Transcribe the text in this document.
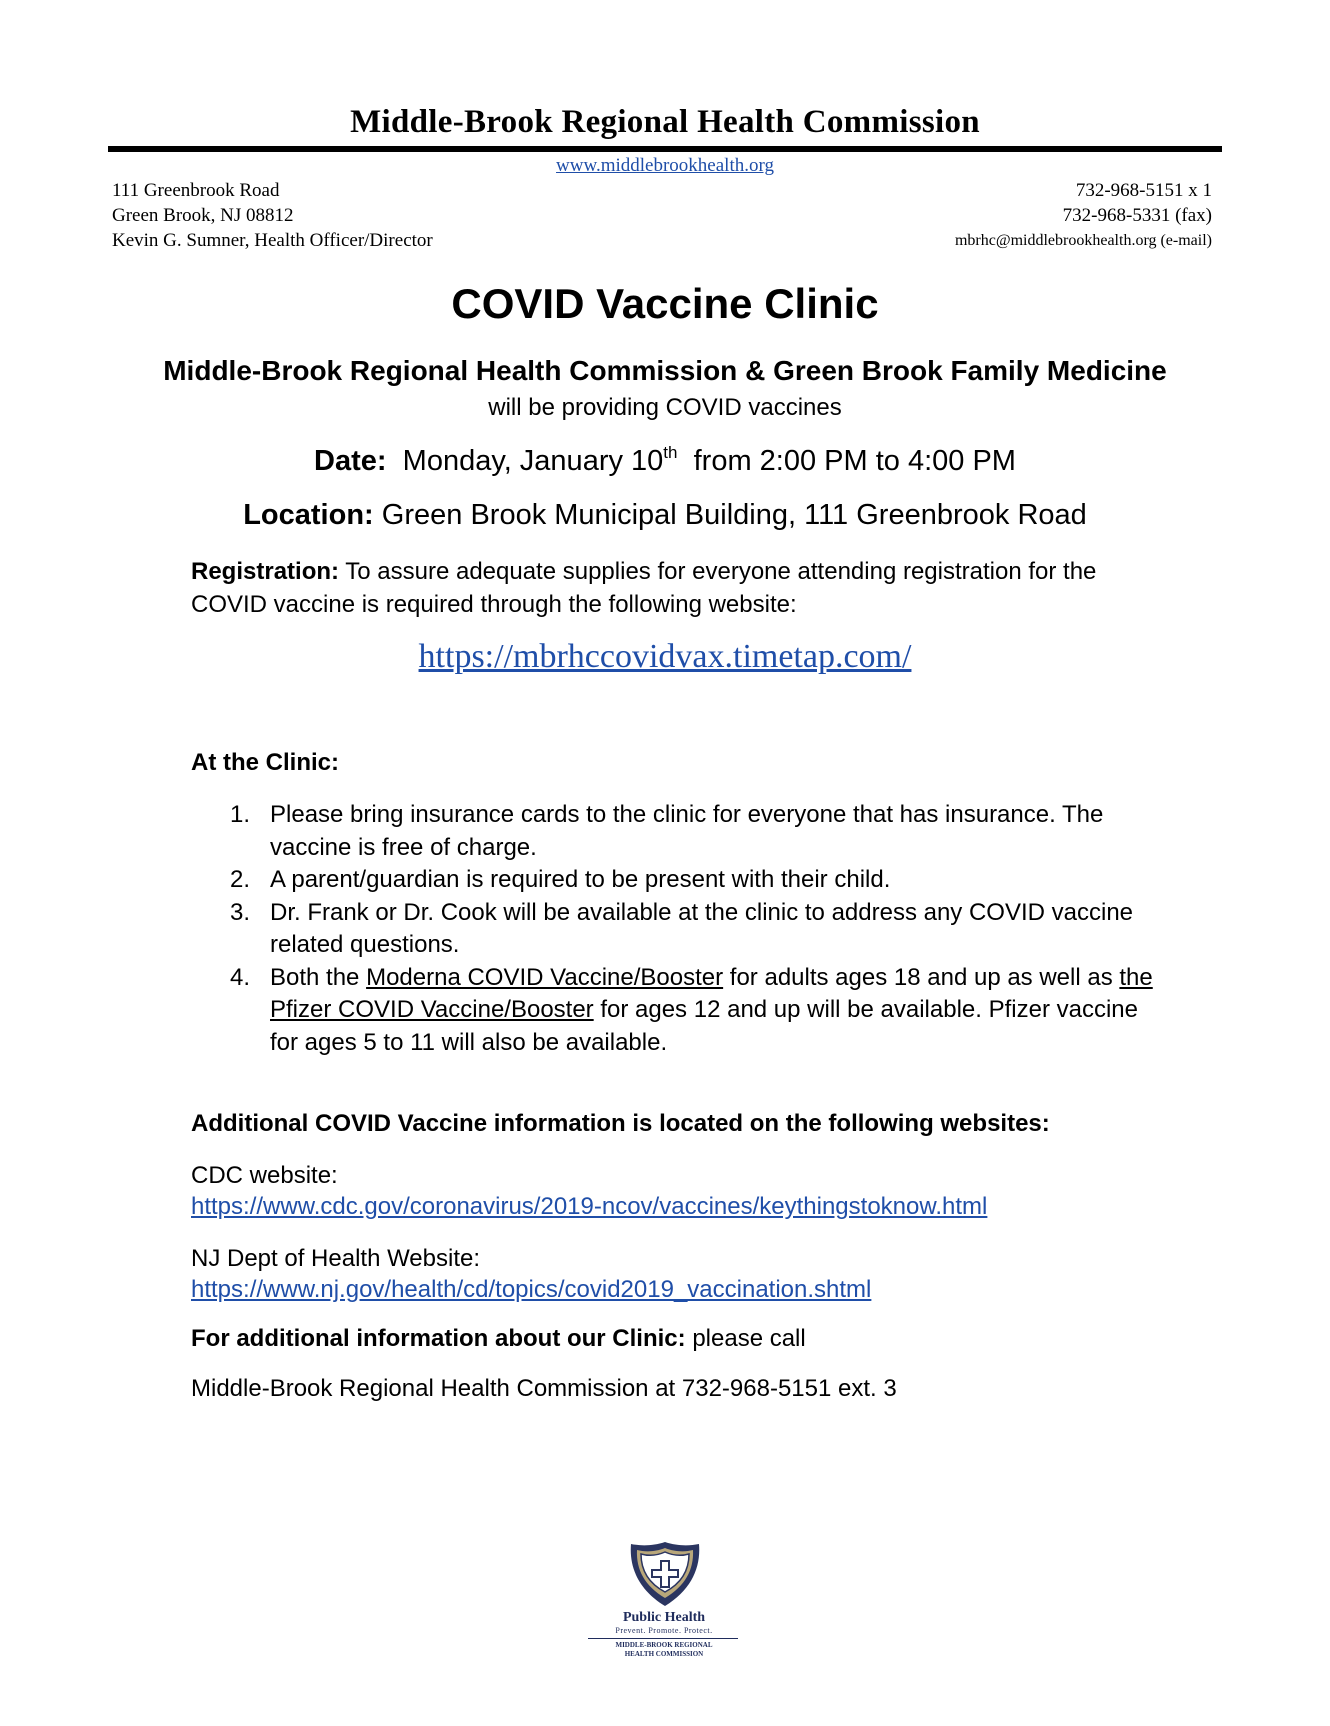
Middle-Brook Regional Health Commission
www.middlebrookhealth.org
111 Greenbrook Road
Green Brook, NJ 08812
Kevin G. Sumner, Health Officer/Director
732-968-5151 x 1
732-968-5331 (fax)
mbrhc@middlebrookhealth.org (e-mail)
COVID Vaccine Clinic
Middle-Brook Regional Health Commission & Green Brook Family Medicine
will be providing COVID vaccines
Date: Monday, January 10th from 2:00 PM to 4:00 PM
Location: Green Brook Municipal Building, 111 Greenbrook Road
Registration: To assure adequate supplies for everyone attending registration for the COVID vaccine is required through the following website:
https://mbrhccovidvax.timetap.com/
At the Clinic:
1. Please bring insurance cards to the clinic for everyone that has insurance. The vaccine is free of charge.
2. A parent/guardian is required to be present with their child.
3. Dr. Frank or Dr. Cook will be available at the clinic to address any COVID vaccine related questions.
4. Both the Moderna COVID Vaccine/Booster for adults ages 18 and up as well as the Pfizer COVID Vaccine/Booster for ages 12 and up will be available. Pfizer vaccine for ages 5 to 11 will also be available.
Additional COVID Vaccine information is located on the following websites:
CDC website:
https://www.cdc.gov/coronavirus/2019-ncov/vaccines/keythingstoknow.html
NJ Dept of Health Website:
https://www.nj.gov/health/cd/topics/covid2019_vaccination.shtml
For additional information about our Clinic: please call
Middle-Brook Regional Health Commission at 732-968-5151 ext. 3
Public Health
Prevent. Promote. Protect.
MIDDLE-BROOK REGIONAL
HEALTH COMMISSION
